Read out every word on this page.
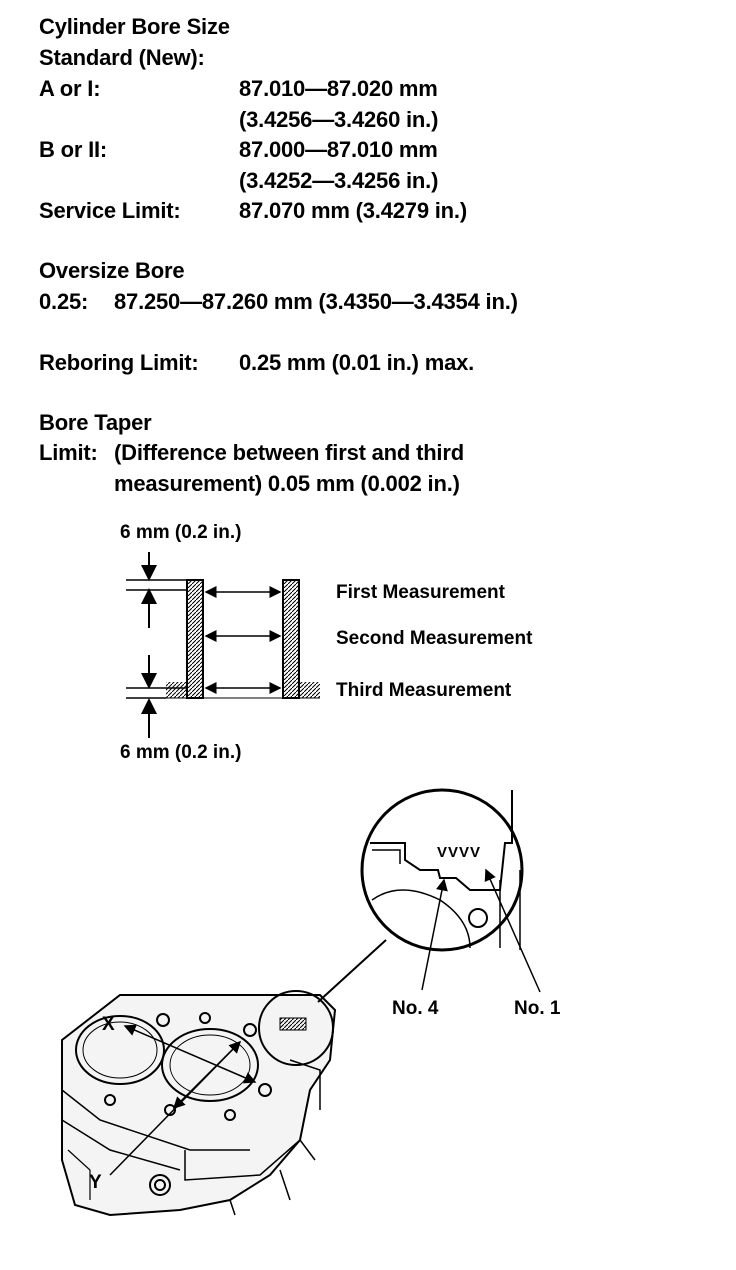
Cylinder Bore Size
Standard (New):
A or I:	87.010—87.020 mm
(3.4256—3.4260 in.)
B or II:	87.000—87.010 mm
(3.4252—3.4256 in.)
Service Limit:	87.070 mm (3.4279 in.)
Oversize Bore
0.25: 87.250—87.260 mm (3.4350—3.4354 in.)
Reboring Limit: 0.25 mm (0.01 in.) max.
Bore Taper
Limit: (Difference between first and third
measurement) 0.05 mm (0.002 in.)
6 mm (0.2 in.)
6 mm (0.2 in.)
First Measurement
Second Measurement
Third Measurement
X
Y
No. 4	No. 1
VVVV
